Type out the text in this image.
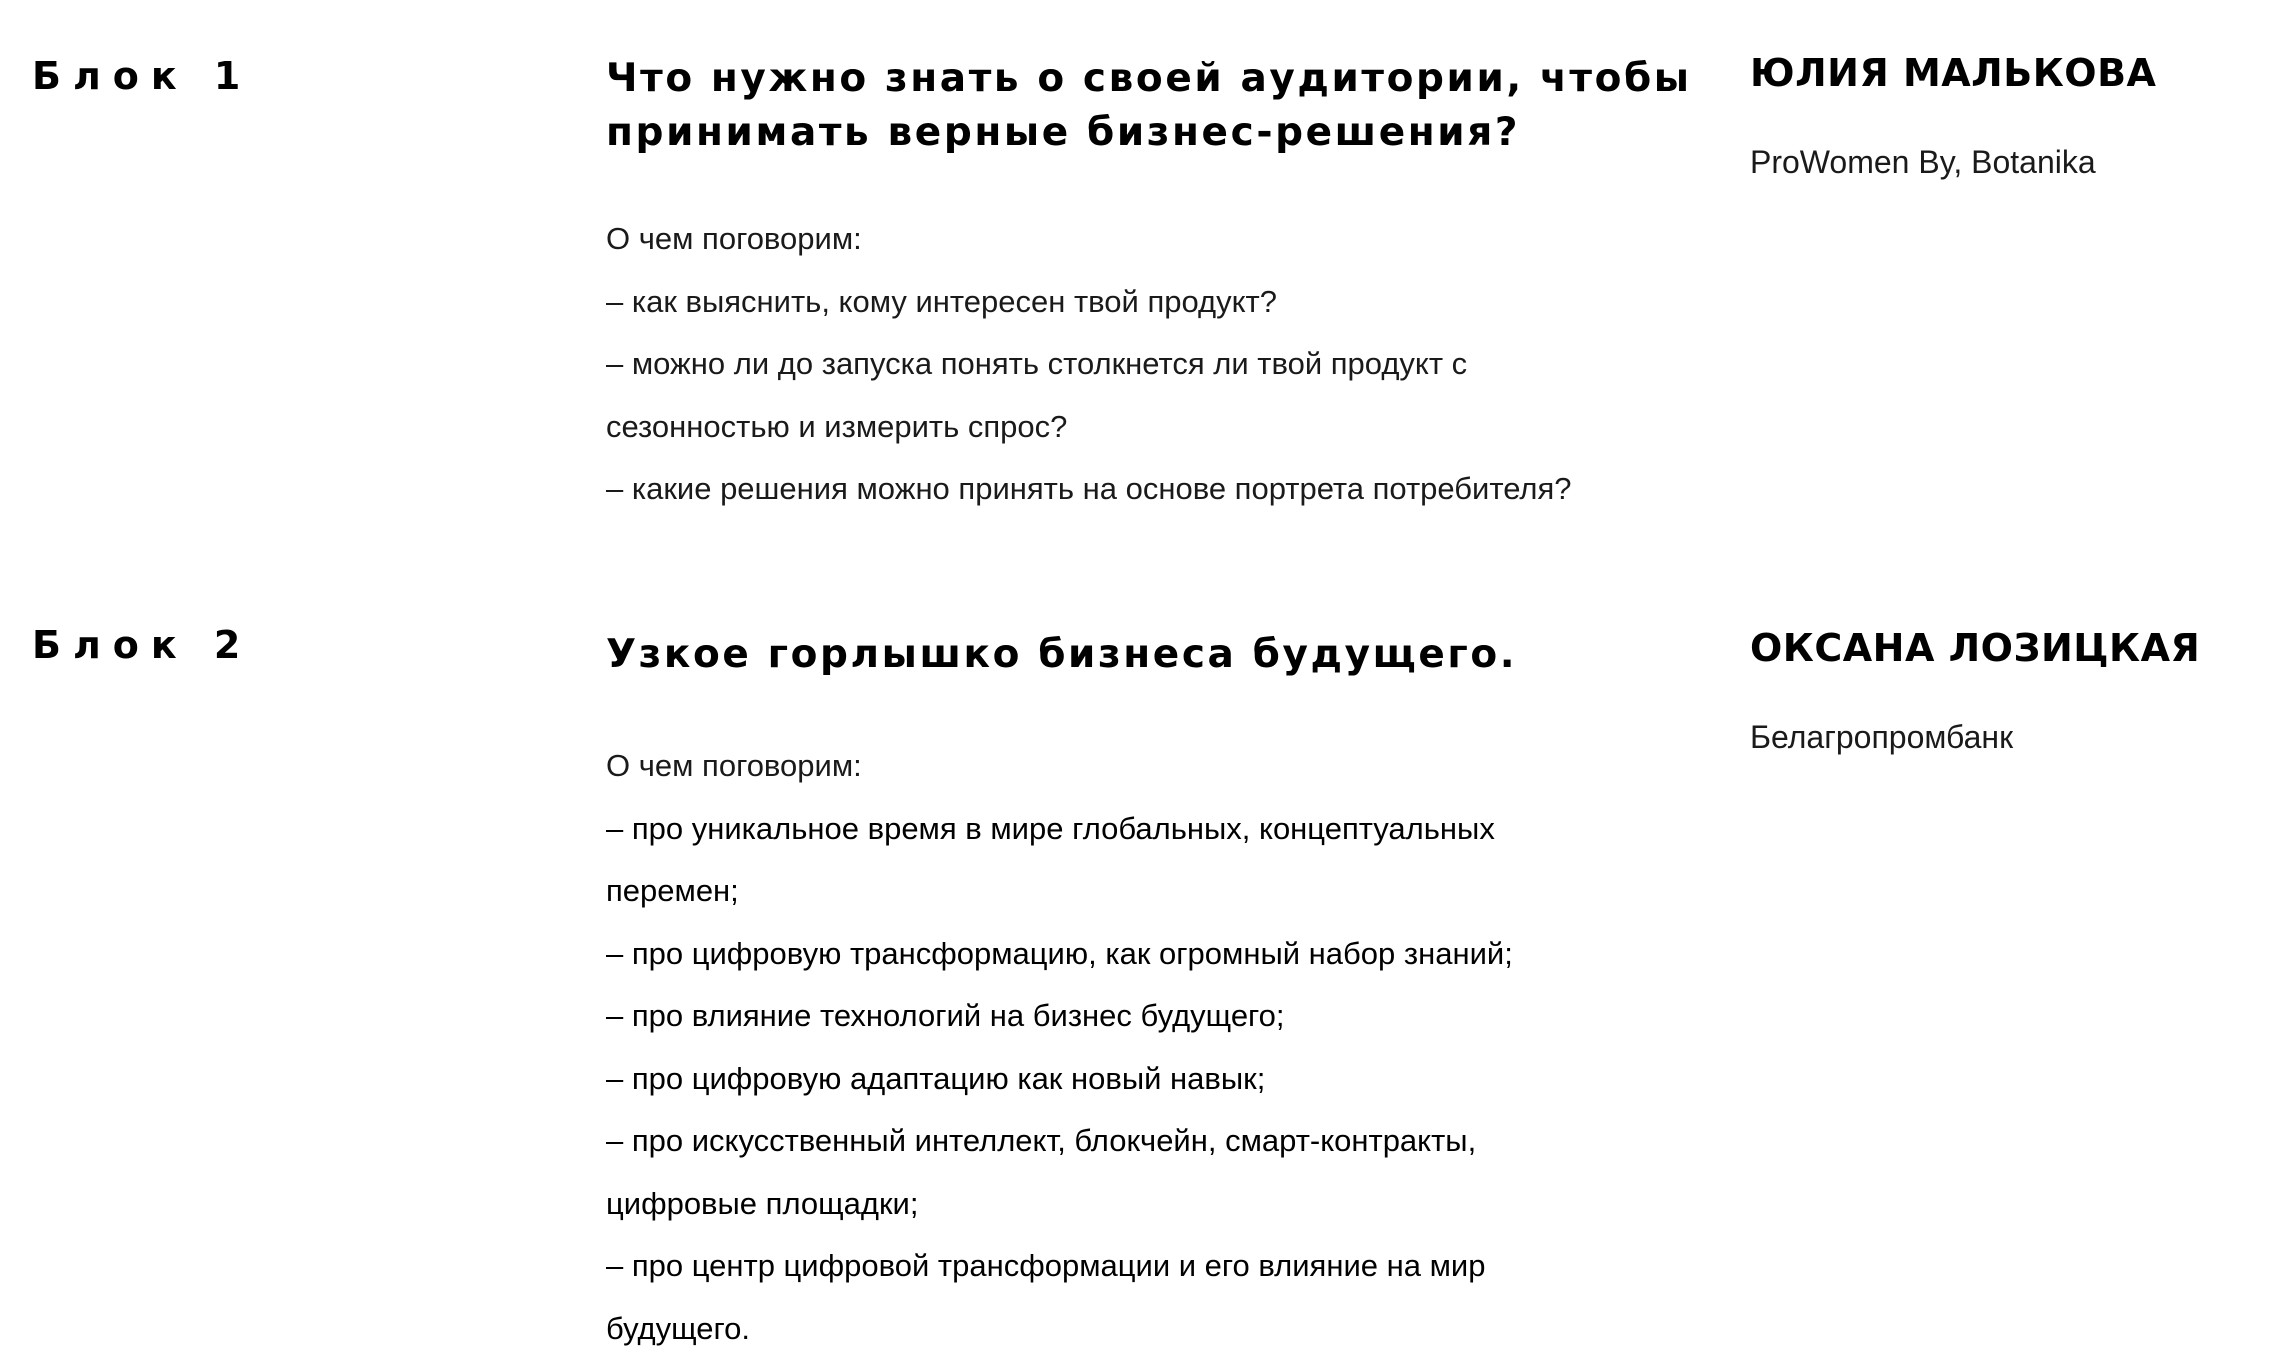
Блок 1	Что нужно знать о своей аудитории, чтобы
принимать верные бизнес-решения?
О чем поговорим:
– как выяснить, кому интересен твой продукт?
– можно ли до запуска понять столкнется ли твой продукт с
сезонностью и измерить спрос?
– какие решения можно принять на основе портрета потребителя?
ЮЛИЯ МАЛЬКОВА
ProWomen By, Botanika
Блок 2	Узкое горлышко бизнеса будущего.
О чем поговорим:
– про уникальное время в мире глобальных, концептуальных
перемен;
– про цифровую трансформацию, как огромный набор знаний;
– про влияние технологий на бизнес будущего;
– про цифровую адаптацию как новый навык;
– про искусственный интеллект, блокчейн, смарт-контракты,
цифровые площадки;
– про центр цифровой трансформации и его влияние на мир
будущего.
ОКСАНА ЛОЗИЦКАЯ
Белагропромбанк
